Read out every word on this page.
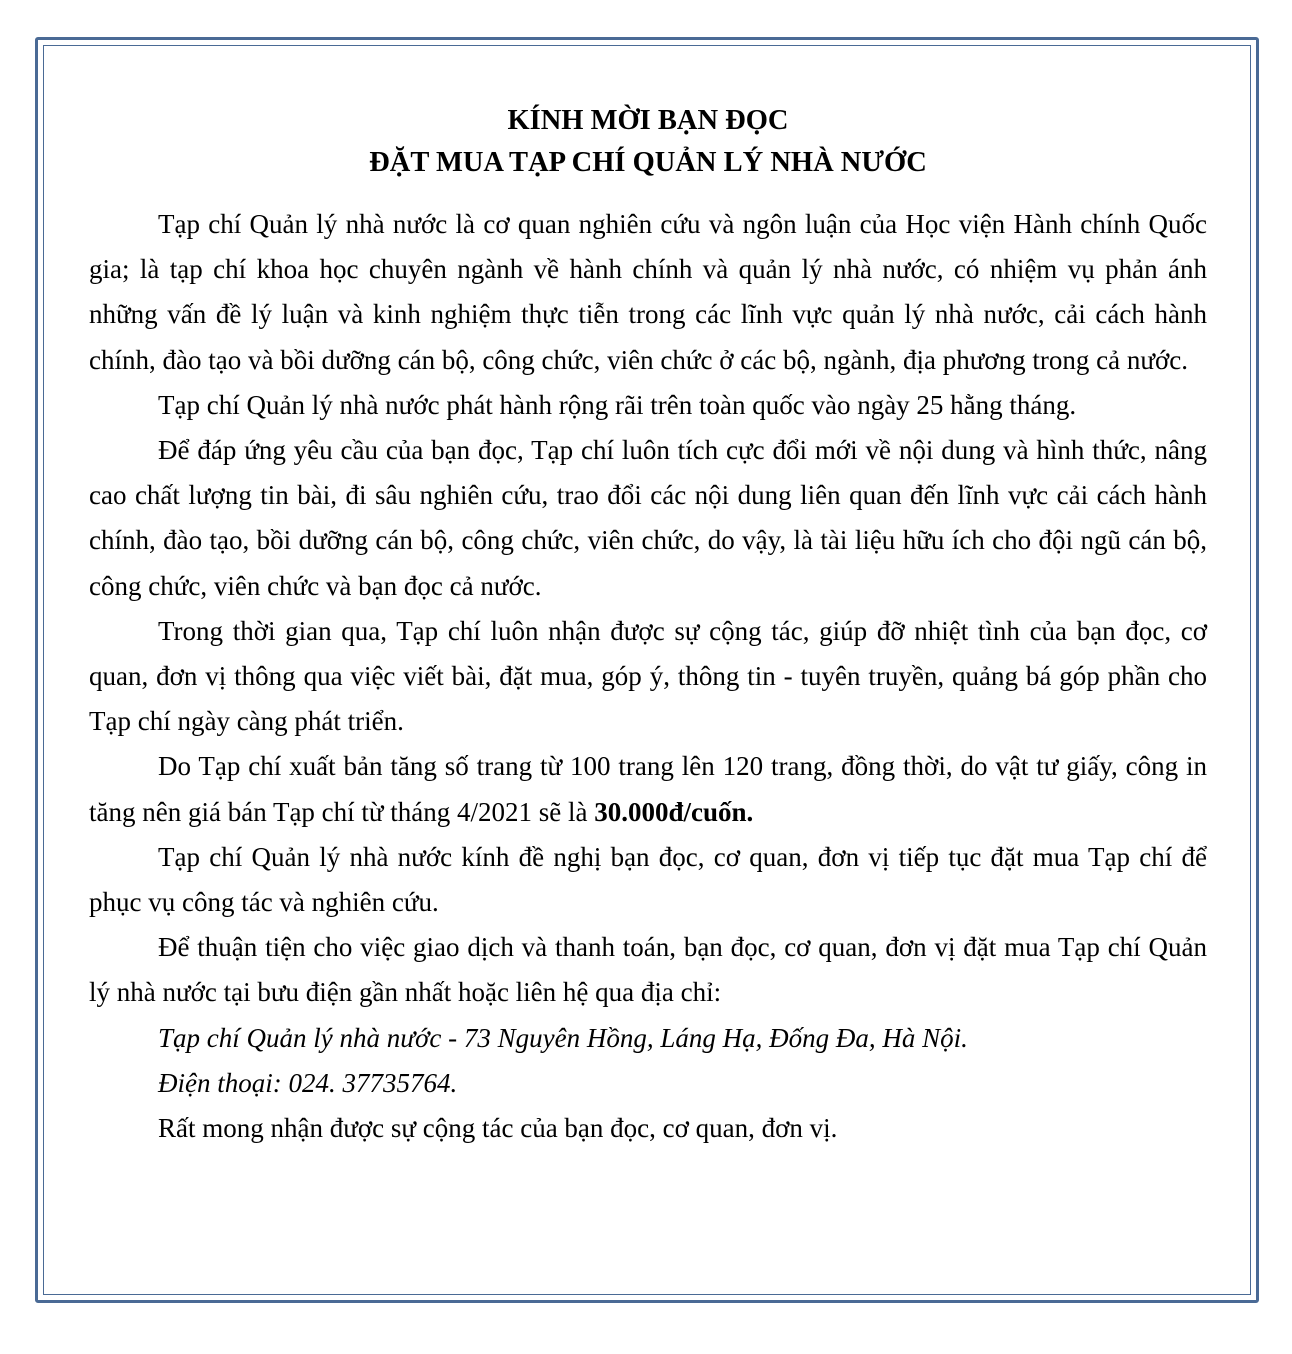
KÍNH MỜI BẠN ĐỌC

ĐẶT MUA TẠP CHÍ QUẢN LÝ NHÀ NƯỚC

Tạp chí Quản lý nhà nước là cơ quan nghiên cứu và ngôn luận của Học viện Hành chính Quốc gia; là tạp chí khoa học chuyên ngành về hành chính và quản lý nhà nước, có nhiệm vụ phản ánh những vấn đề lý luận và kinh nghiệm thực tiễn trong các lĩnh vực quản lý nhà nước, cải cách hành chính, đào tạo và bồi dưỡng cán bộ, công chức, viên chức ở các bộ, ngành, địa phương trong cả nước.

Tạp chí Quản lý nhà nước phát hành rộng rãi trên toàn quốc vào ngày 25 hằng tháng.

Để đáp ứng yêu cầu của bạn đọc, Tạp chí luôn tích cực đổi mới về nội dung và hình thức, nâng cao chất lượng tin bài, đi sâu nghiên cứu, trao đổi các nội dung liên quan đến lĩnh vực cải cách hành chính, đào tạo, bồi dưỡng cán bộ, công chức, viên chức, do vậy, là tài liệu hữu ích cho đội ngũ cán bộ, công chức, viên chức và bạn đọc cả nước.

Trong thời gian qua, Tạp chí luôn nhận được sự cộng tác, giúp đỡ nhiệt tình của bạn đọc, cơ quan, đơn vị thông qua việc viết bài, đặt mua, góp ý, thông tin - tuyên truyền, quảng bá góp phần cho Tạp chí ngày càng phát triển.

Do Tạp chí xuất bản tăng số trang từ 100 trang lên 120 trang, đồng thời, do vật tư giấy, công in tăng nên giá bán Tạp chí từ tháng 4/2021 sẽ là 30.000đ/cuốn.

Tạp chí Quản lý nhà nước kính đề nghị bạn đọc, cơ quan, đơn vị tiếp tục đặt mua Tạp chí để phục vụ công tác và nghiên cứu.

Để thuận tiện cho việc giao dịch và thanh toán, bạn đọc, cơ quan, đơn vị đặt mua Tạp chí Quản lý nhà nước tại bưu điện gần nhất hoặc liên hệ qua địa chỉ:

Tạp chí Quản lý nhà nước - 73 Nguyên Hồng, Láng Hạ, Đống Đa, Hà Nội.

Điện thoại: 024. 37735764.

Rất mong nhận được sự cộng tác của bạn đọc, cơ quan, đơn vị.
